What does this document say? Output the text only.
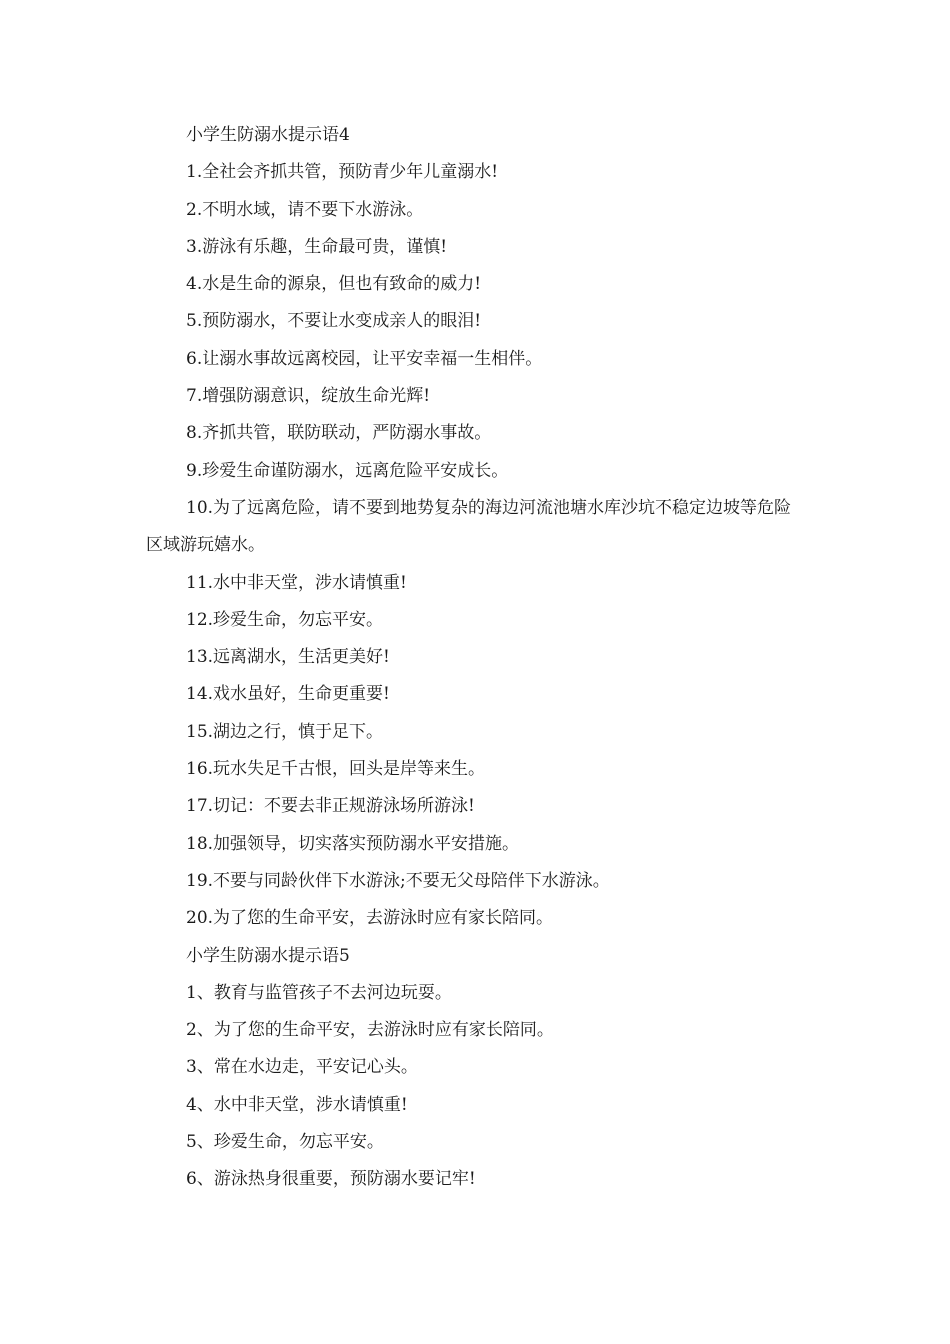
小学生防溺水提示语4
1.全社会齐抓共管，预防青少年儿童溺水!
2.不明水域，请不要下水游泳。
3.游泳有乐趣，生命最可贵，谨慎!
4.水是生命的源泉，但也有致命的威力!
5.预防溺水，不要让水变成亲人的眼泪!
6.让溺水事故远离校园，让平安幸福一生相伴。
7.增强防溺意识，绽放生命光辉!
8.齐抓共管，联防联动，严防溺水事故。
9.珍爱生命谨防溺水，远离危险平安成长。
10.为了远离危险，请不要到地势复杂的海边河流池塘水库沙坑不稳定边坡等危险区域游玩嬉水。
11.水中非天堂，涉水请慎重!
12.珍爱生命，勿忘平安。
13.远离湖水，生活更美好!
14.戏水虽好，生命更重要!
15.湖边之行，慎于足下。
16.玩水失足千古恨，回头是岸等来生。
17.切记：不要去非正规游泳场所游泳!
18.加强领导，切实落实预防溺水平安措施。
19.不要与同龄伙伴下水游泳;不要无父母陪伴下水游泳。
20.为了您的生命平安，去游泳时应有家长陪同。
小学生防溺水提示语5
1、教育与监管孩子不去河边玩耍。
2、为了您的生命平安，去游泳时应有家长陪同。
3、常在水边走，平安记心头。
4、水中非天堂，涉水请慎重!
5、珍爱生命，勿忘平安。
6、游泳热身很重要，预防溺水要记牢!
